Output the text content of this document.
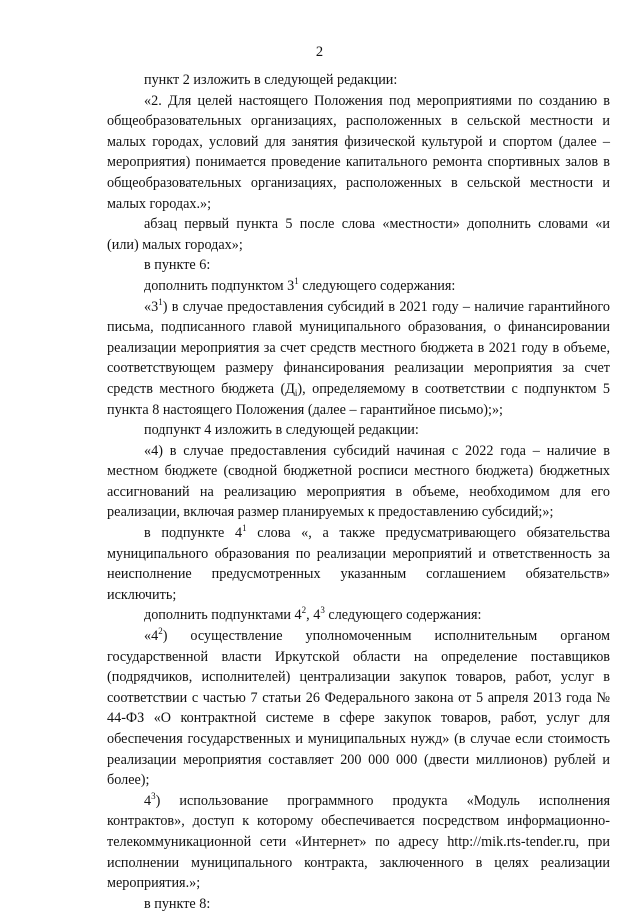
2

пункт 2 изложить в следующей редакции:

«2. Для целей настоящего Положения под мероприятиями по созданию в общеобразовательных организациях, расположенных в сельской местности и малых городах, условий для занятия физической культурой и спортом (далее – мероприятия) понимается проведение капитального ремонта спортивных залов в общеобразовательных организациях, расположенных в сельской местности и малых городах.»;

абзац первый пункта 5 после слова «местности» дополнить словами «и (или) малых городах»;

в пункте 6:

дополнить подпунктом $3^1$ следующего содержания:

«$3^1$) в случае предоставления субсидий в 2021 году – наличие гарантийного письма, подписанного главой муниципального образования, о финансировании реализации мероприятия за счет средств местного бюджета в 2021 году в объеме, соответствующем размеру финансирования реализации мероприятия за счет средств местного бюджета $(Д_i)$, определяемому в соответствии с подпунктом 5 пункта 8 настоящего Положения (далее – гарантийное письмо);»;

подпункт 4 изложить в следующей редакции:

«4) в случае предоставления субсидий начиная с 2022 года – наличие в местном бюджете (сводной бюджетной росписи местного бюджета) бюджетных ассигнований на реализацию мероприятия в объеме, необходимом для его реализации, включая размер планируемых к предоставлению субсидий;»;

в подпункте $4^1$ слова «, а также предусматривающего обязательства муниципального образования по реализации мероприятий и ответственность за неисполнение предусмотренных указанным соглашением обязательств» исключить;

дополнить подпунктами $4^2$, $4^3$ следующего содержания:

«$4^2$) осуществление уполномоченным исполнительным органом государственной власти Иркутской области на определение поставщиков (подрядчиков, исполнителей) централизации закупок товаров, работ, услуг в соответствии с частью 7 статьи 26 Федерального закона от 5 апреля 2013 года № 44-ФЗ «О контрактной системе в сфере закупок товаров, работ, услуг для обеспечения государственных и муниципальных нужд» (в случае если стоимость реализации мероприятия составляет 200 000 000 (двести миллионов) рублей и более);

$4^3$) использование программного продукта «Модуль исполнения контрактов», доступ к которому обеспечивается посредством информационно-телекоммуникационной сети «Интернет» по адресу http://mik.rts-tender.ru, при исполнении муниципального контракта, заключенного в целях реализации мероприятия.»;

в пункте 8:
